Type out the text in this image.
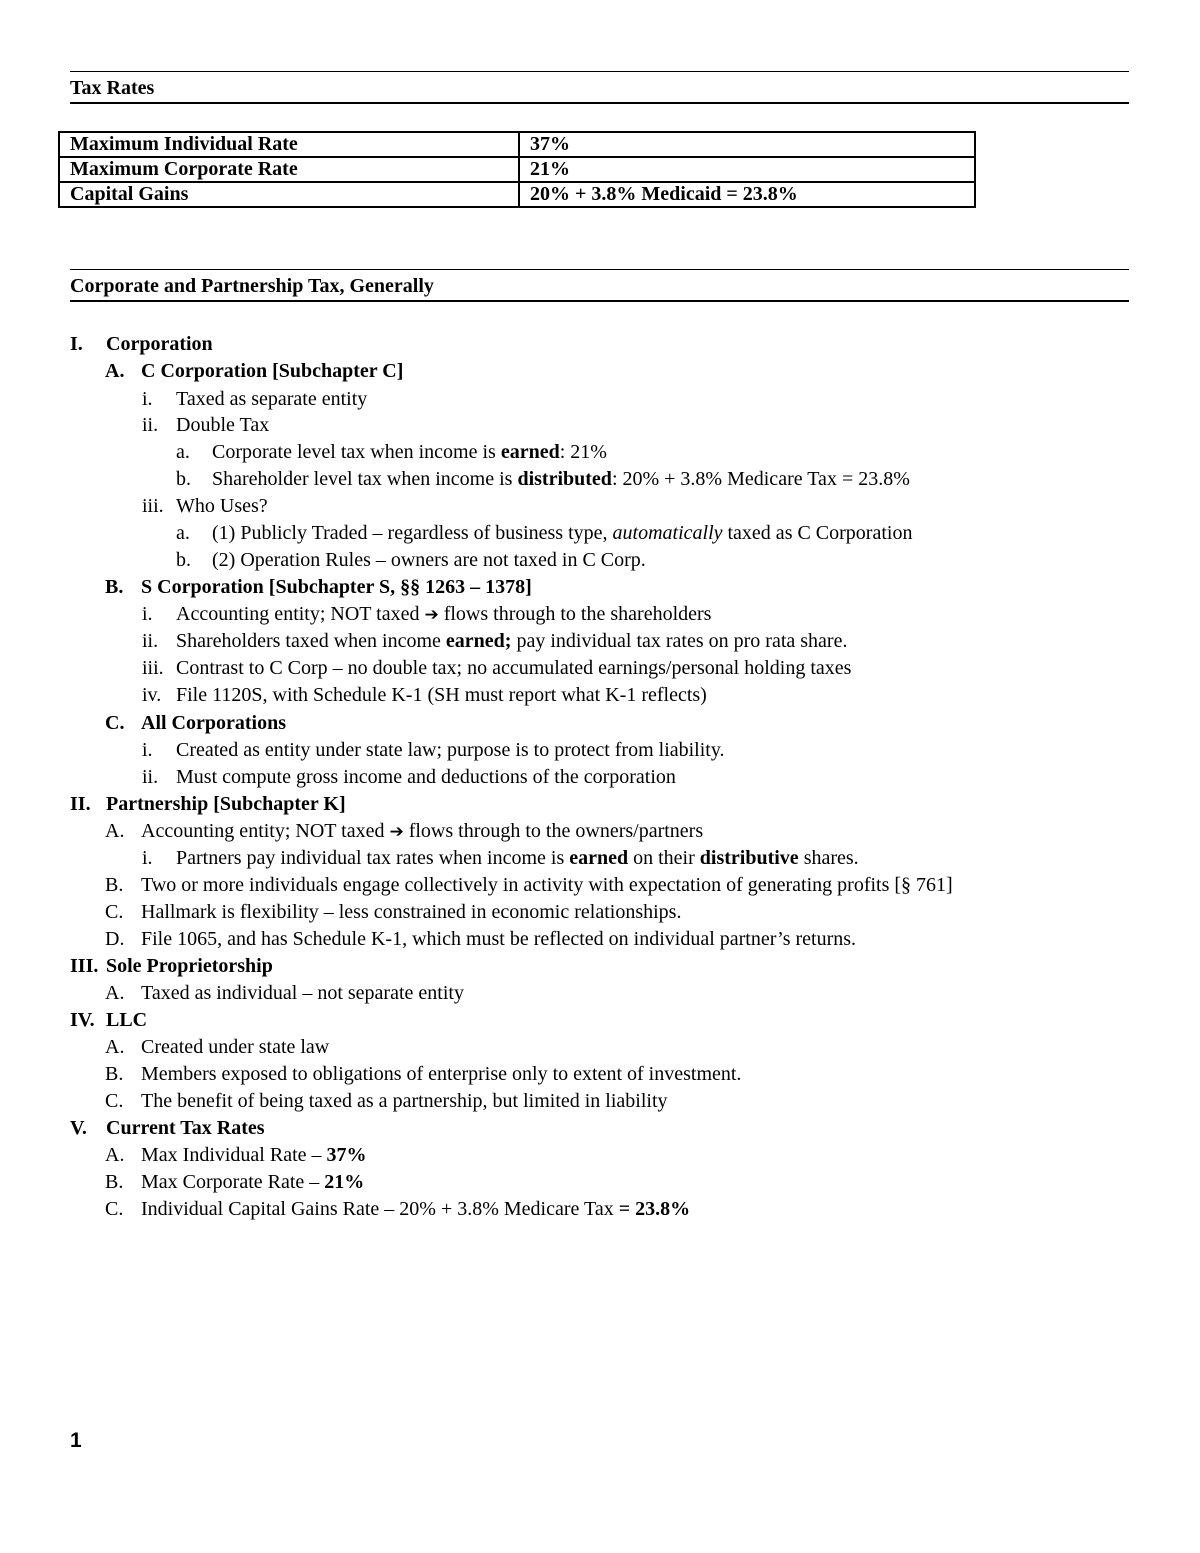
Tax Rates
Maximum Individual Rate	37%
Maximum Corporate Rate	21%
Capital Gains	20% + 3.8% Medicaid = 23.8%
Corporate and Partnership Tax, Generally
I. Corporation
A. C Corporation [Subchapter C]
i. Taxed as separate entity
ii. Double Tax
a. Corporate level tax when income is earned: 21%
b. Shareholder level tax when income is distributed: 20% + 3.8% Medicare Tax = 23.8%
iii. Who Uses?
a. (1) Publicly Traded – regardless of business type, automatically taxed as C Corporation
b. (2) Operation Rules – owners are not taxed in C Corp.
B. S Corporation [Subchapter S, §§ 1263 – 1378]
i. Accounting entity; NOT taxed ➔ flows through to the shareholders
ii. Shareholders taxed when income earned; pay individual tax rates on pro rata share.
iii. Contrast to C Corp – no double tax; no accumulated earnings/personal holding taxes
iv. File 1120S, with Schedule K-1 (SH must report what K-1 reflects)
C. All Corporations
i. Created as entity under state law; purpose is to protect from liability.
ii. Must compute gross income and deductions of the corporation
II. Partnership [Subchapter K]
A. Accounting entity; NOT taxed ➔ flows through to the owners/partners
i. Partners pay individual tax rates when income is earned on their distributive shares.
B. Two or more individuals engage collectively in activity with expectation of generating profits [§ 761]
C. Hallmark is flexibility – less constrained in economic relationships.
D. File 1065, and has Schedule K-1, which must be reflected on individual partner’s returns.
III. Sole Proprietorship
A. Taxed as individual – not separate entity
IV. LLC
A. Created under state law
B. Members exposed to obligations of enterprise only to extent of investment.
C. The benefit of being taxed as a partnership, but limited in liability
V. Current Tax Rates
A. Max Individual Rate – 37%
B. Max Corporate Rate – 21%
C. Individual Capital Gains Rate – 20% + 3.8% Medicare Tax = 23.8%
1
